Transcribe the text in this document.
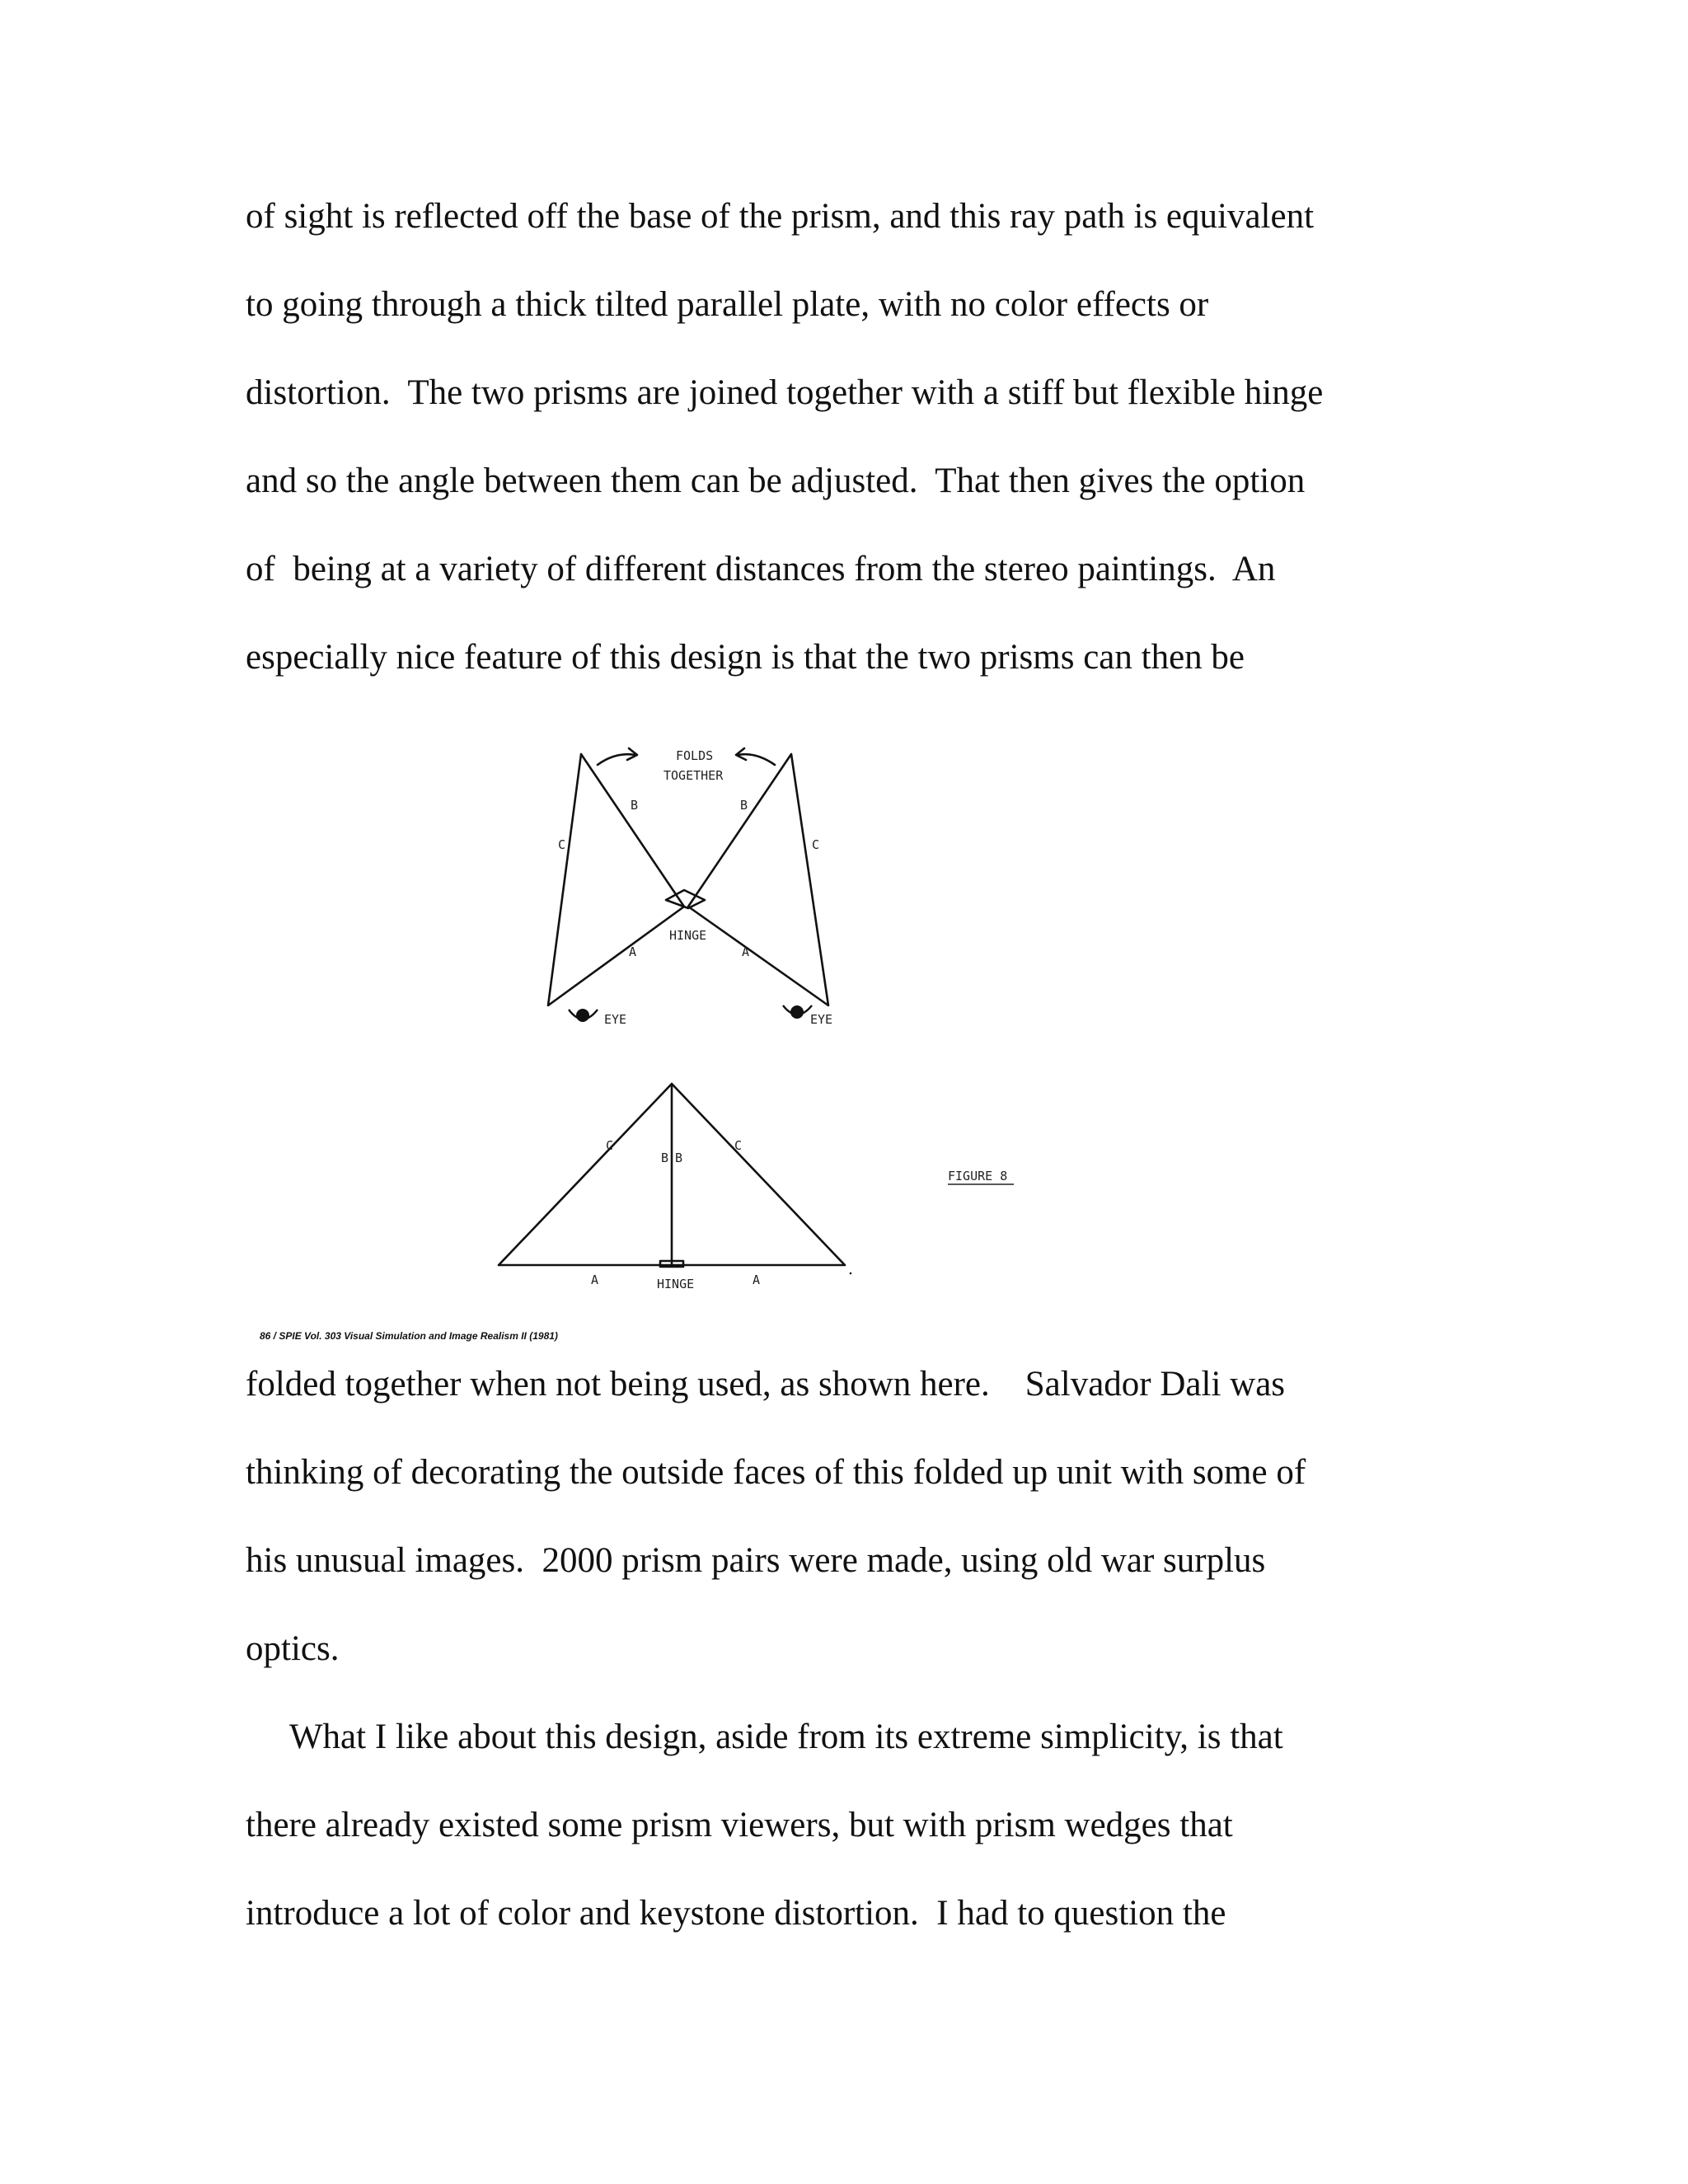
of sight is reflected off the base of the prism, and this ray path is equivalent
to going through a thick tilted parallel plate, with no color effects or
distortion.  The two prisms are joined together with a stiff but flexible hinge
and so the angle between them can be adjusted.  That then gives the option
of  being at a variety of different distances from the stereo paintings.  An
especially nice feature of this design is that the two prisms can then be
FOLDS
TOGETHER
B	B
C	C
HINGE
A	A
EYE	EYE
C	C
B B
A	A
HINGE
FIGURE 8
86 / SPIE Vol. 303 Visual Simulation and Image Realism II (1981)
folded together when not being used, as shown here.    Salvador Dali was
thinking of decorating the outside faces of this folded up unit with some of
his unusual images.  2000 prism pairs were made, using old war surplus
optics.
What I like about this design, aside from its extreme simplicity, is that
there already existed some prism viewers, but with prism wedges that
introduce a lot of color and keystone distortion.  I had to question the
